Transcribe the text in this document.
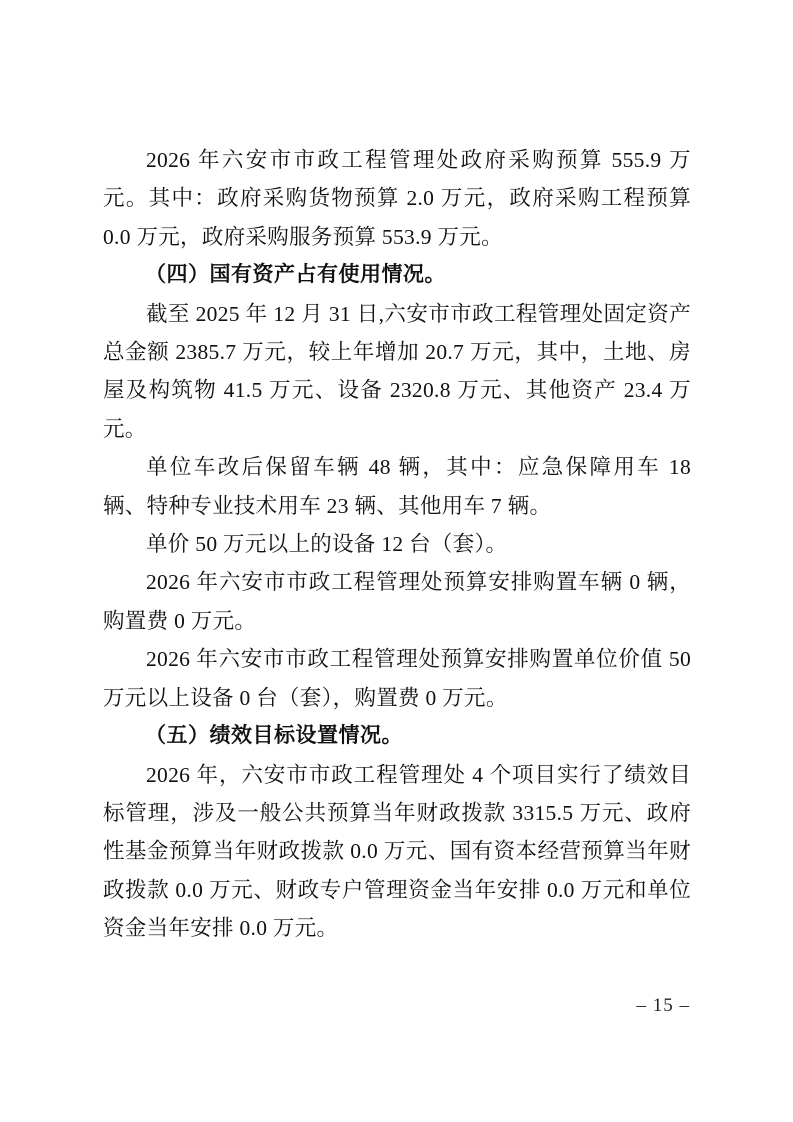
2026 年六安市市政工程管理处政府采购预算 555.9 万元。其中：政府采购货物预算 2.0 万元，政府采购工程预算 0.0 万元，政府采购服务预算 553.9 万元。

（四）国有资产占有使用情况。

截至 2025 年 12 月 31 日,六安市市政工程管理处固定资产总金额 2385.7 万元，较上年增加 20.7 万元，其中，土地、房屋及构筑物 41.5 万元、设备 2320.8 万元、其他资产 23.4 万元。

单位车改后保留车辆 48 辆，其中：应急保障用车 18 辆、特种专业技术用车 23 辆、其他用车 7 辆。

单价 50 万元以上的设备 12 台（套）。

2026 年六安市市政工程管理处预算安排购置车辆 0 辆，购置费 0 万元。

2026 年六安市市政工程管理处预算安排购置单位价值 50 万元以上设备 0 台（套），购置费 0 万元。

（五）绩效目标设置情况。

2026 年，六安市市政工程管理处 4 个项目实行了绩效目标管理，涉及一般公共预算当年财政拨款 3315.5 万元、政府性基金预算当年财政拨款 0.0 万元、国有资本经营预算当年财政拨款 0.0 万元、财政专户管理资金当年安排 0.0 万元和单位资金当年安排 0.0 万元。

– 15 –
